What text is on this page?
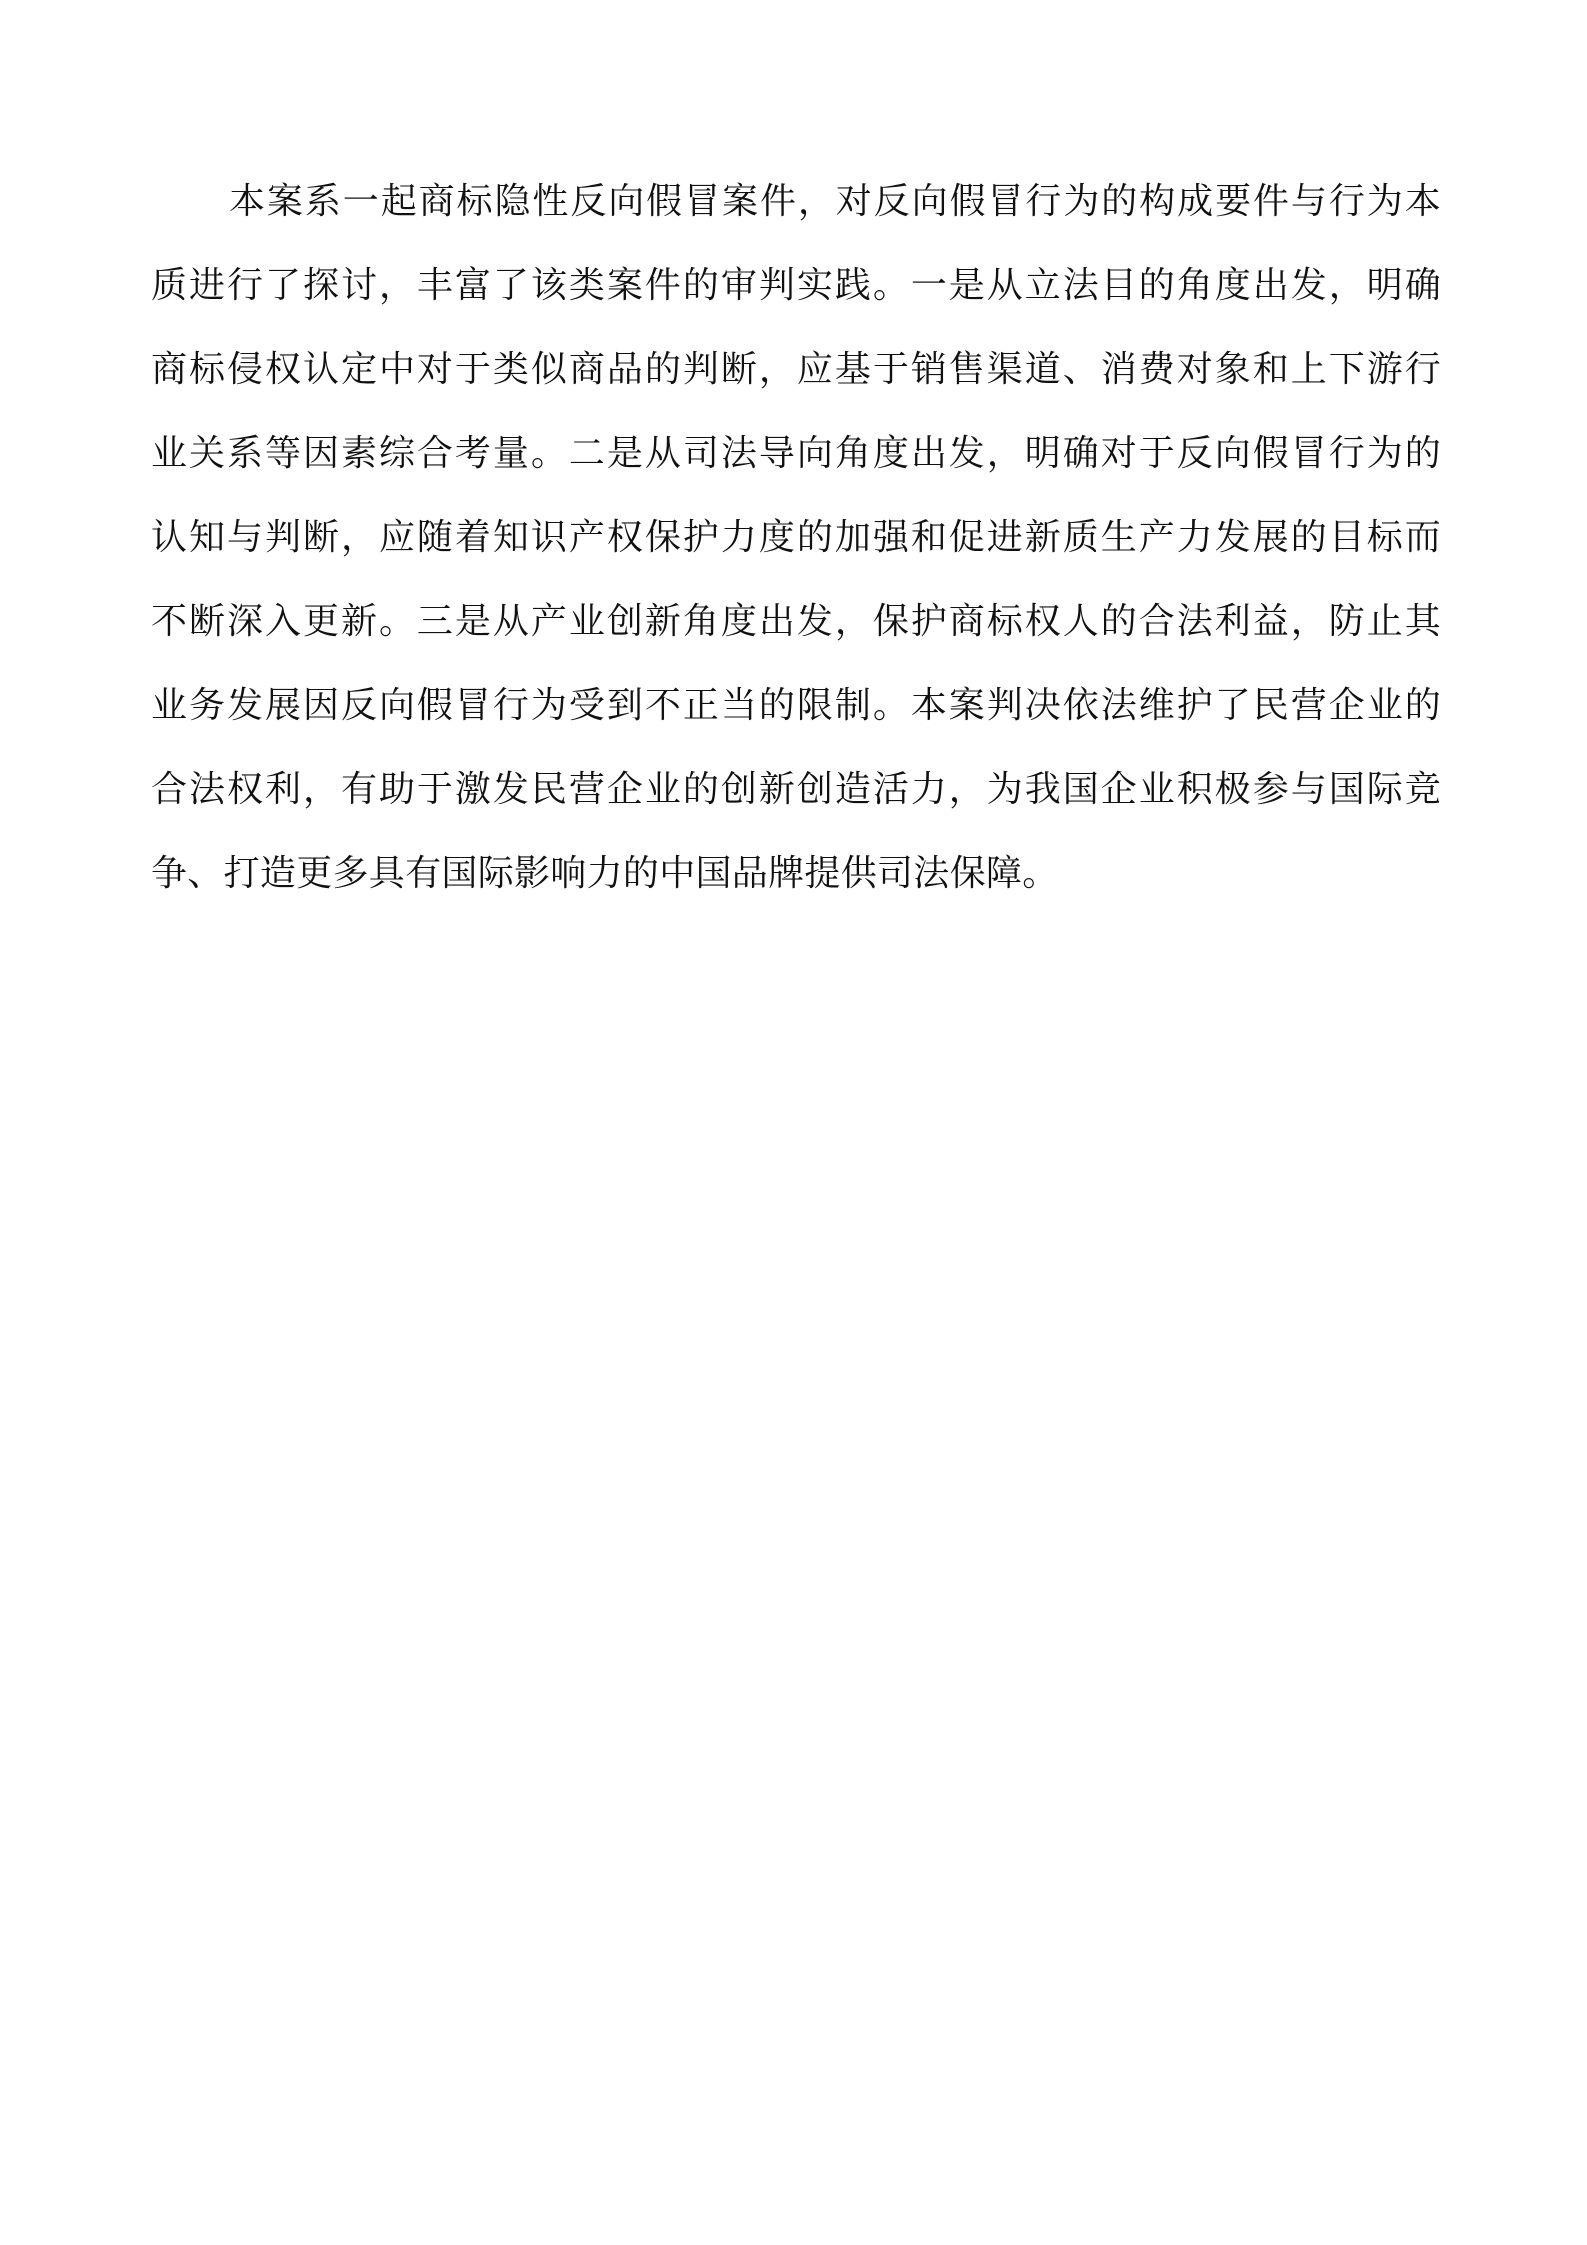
本案系一起商标隐性反向假冒案件，对反向假冒行为的构成要件与行为本
质进行了探讨，丰富了该类案件的审判实践。一是从立法目的角度出发，明确
商标侵权认定中对于类似商品的判断，应基于销售渠道、消费对象和上下游行
业关系等因素综合考量。二是从司法导向角度出发，明确对于反向假冒行为的
认知与判断，应随着知识产权保护力度的加强和促进新质生产力发展的目标而
不断深入更新。三是从产业创新角度出发，保护商标权人的合法利益，防止其
业务发展因反向假冒行为受到不正当的限制。本案判决依法维护了民营企业的
合法权利，有助于激发民营企业的创新创造活力，为我国企业积极参与国际竞
争、打造更多具有国际影响力的中国品牌提供司法保障。
